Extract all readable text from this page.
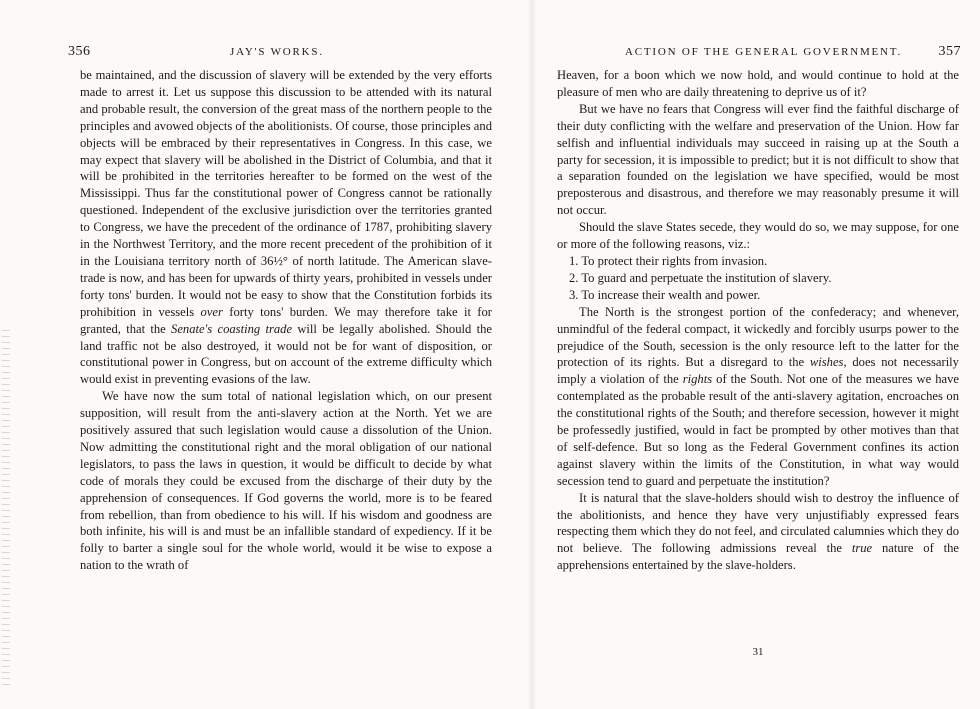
356	JAY'S WORKS.

be maintained, and the discussion of slavery will be extended by the very efforts made to arrest it. Let us suppose this discussion to be attended with its natural and probable result, the conversion of the great mass of the northern people to the principles and avowed objects of the abolitionists. Of course, those principles and objects will be embraced by their representatives in Congress. In this case, we may expect that slavery will be abolished in the District of Columbia, and that it will be prohibited in the territories hereafter to be formed on the west of the Mississippi. Thus far the constitutional power of Congress cannot be rationally questioned. Independent of the exclusive jurisdiction over the territories granted to Congress, we have the precedent of the ordinance of 1787, prohibiting slavery in the Northwest Territory, and the more recent precedent of the prohibition of it in the Louisiana territory north of 36½° of north latitude. The American slave-trade is now, and has been for upwards of thirty years, prohibited in vessels under forty tons' burden. It would not be easy to show that the Constitution forbids its prohibition in vessels over forty tons' burden. We may therefore take it for granted, that the Senate's coasting trade will be legally abolished. Should the land traffic not be also destroyed, it would not be for want of disposition, or constitutional power in Congress, but on account of the extreme difficulty which would exist in preventing evasions of the law.

We have now the sum total of national legislation which, on our present supposition, will result from the anti-slavery action at the North. Yet we are positively assured that such legislation would cause a dissolution of the Union. Now admitting the constitutional right and the moral obligation of our national legislators, to pass the laws in question, it would be difficult to decide by what code of morals they could be excused from the discharge of their duty by the apprehension of consequences. If God governs the world, more is to be feared from rebellion, than from obedience to his will. If his wisdom and goodness are both infinite, his will is and must be an infallible standard of expediency. If it be folly to barter a single soul for the whole world, would it be wise to expose a nation to the wrath of

ACTION OF THE GENERAL GOVERNMENT.	357

Heaven, for a boon which we now hold, and would continue to hold at the pleasure of men who are daily threatening to deprive us of it?

But we have no fears that Congress will ever find the faithful discharge of their duty conflicting with the welfare and preservation of the Union. How far selfish and influential individuals may succeed in raising up at the South a party for secession, it is impossible to predict; but it is not difficult to show that a separation founded on the legislation we have specified, would be most preposterous and disastrous, and therefore we may reasonably presume it will not occur.

Should the slave States secede, they would do so, we may suppose, for one or more of the following reasons, viz.:

1. To protect their rights from invasion.

2. To guard and perpetuate the institution of slavery.

3. To increase their wealth and power.

The North is the strongest portion of the confederacy; and whenever, unmindful of the federal compact, it wickedly and forcibly usurps power to the prejudice of the South, secession is the only resource left to the latter for the protection of its rights. But a disregard to the wishes, does not necessarily imply a violation of the rights of the South. Not one of the measures we have contemplated as the probable result of the anti-slavery agitation, encroaches on the constitutional rights of the South; and therefore secession, however it might be professedly justified, would in fact be prompted by other motives than that of self-defence. But so long as the Federal Government confines its action against slavery within the limits of the Constitution, in what way would secession tend to guard and perpetuate the institution?

It is natural that the slave-holders should wish to destroy the influence of the abolitionists, and hence they have very unjustifiably expressed fears respecting them which they do not feel, and circulated calumnies which they do not believe. The following admissions reveal the true nature of the apprehensions entertained by the slave-holders.

31
